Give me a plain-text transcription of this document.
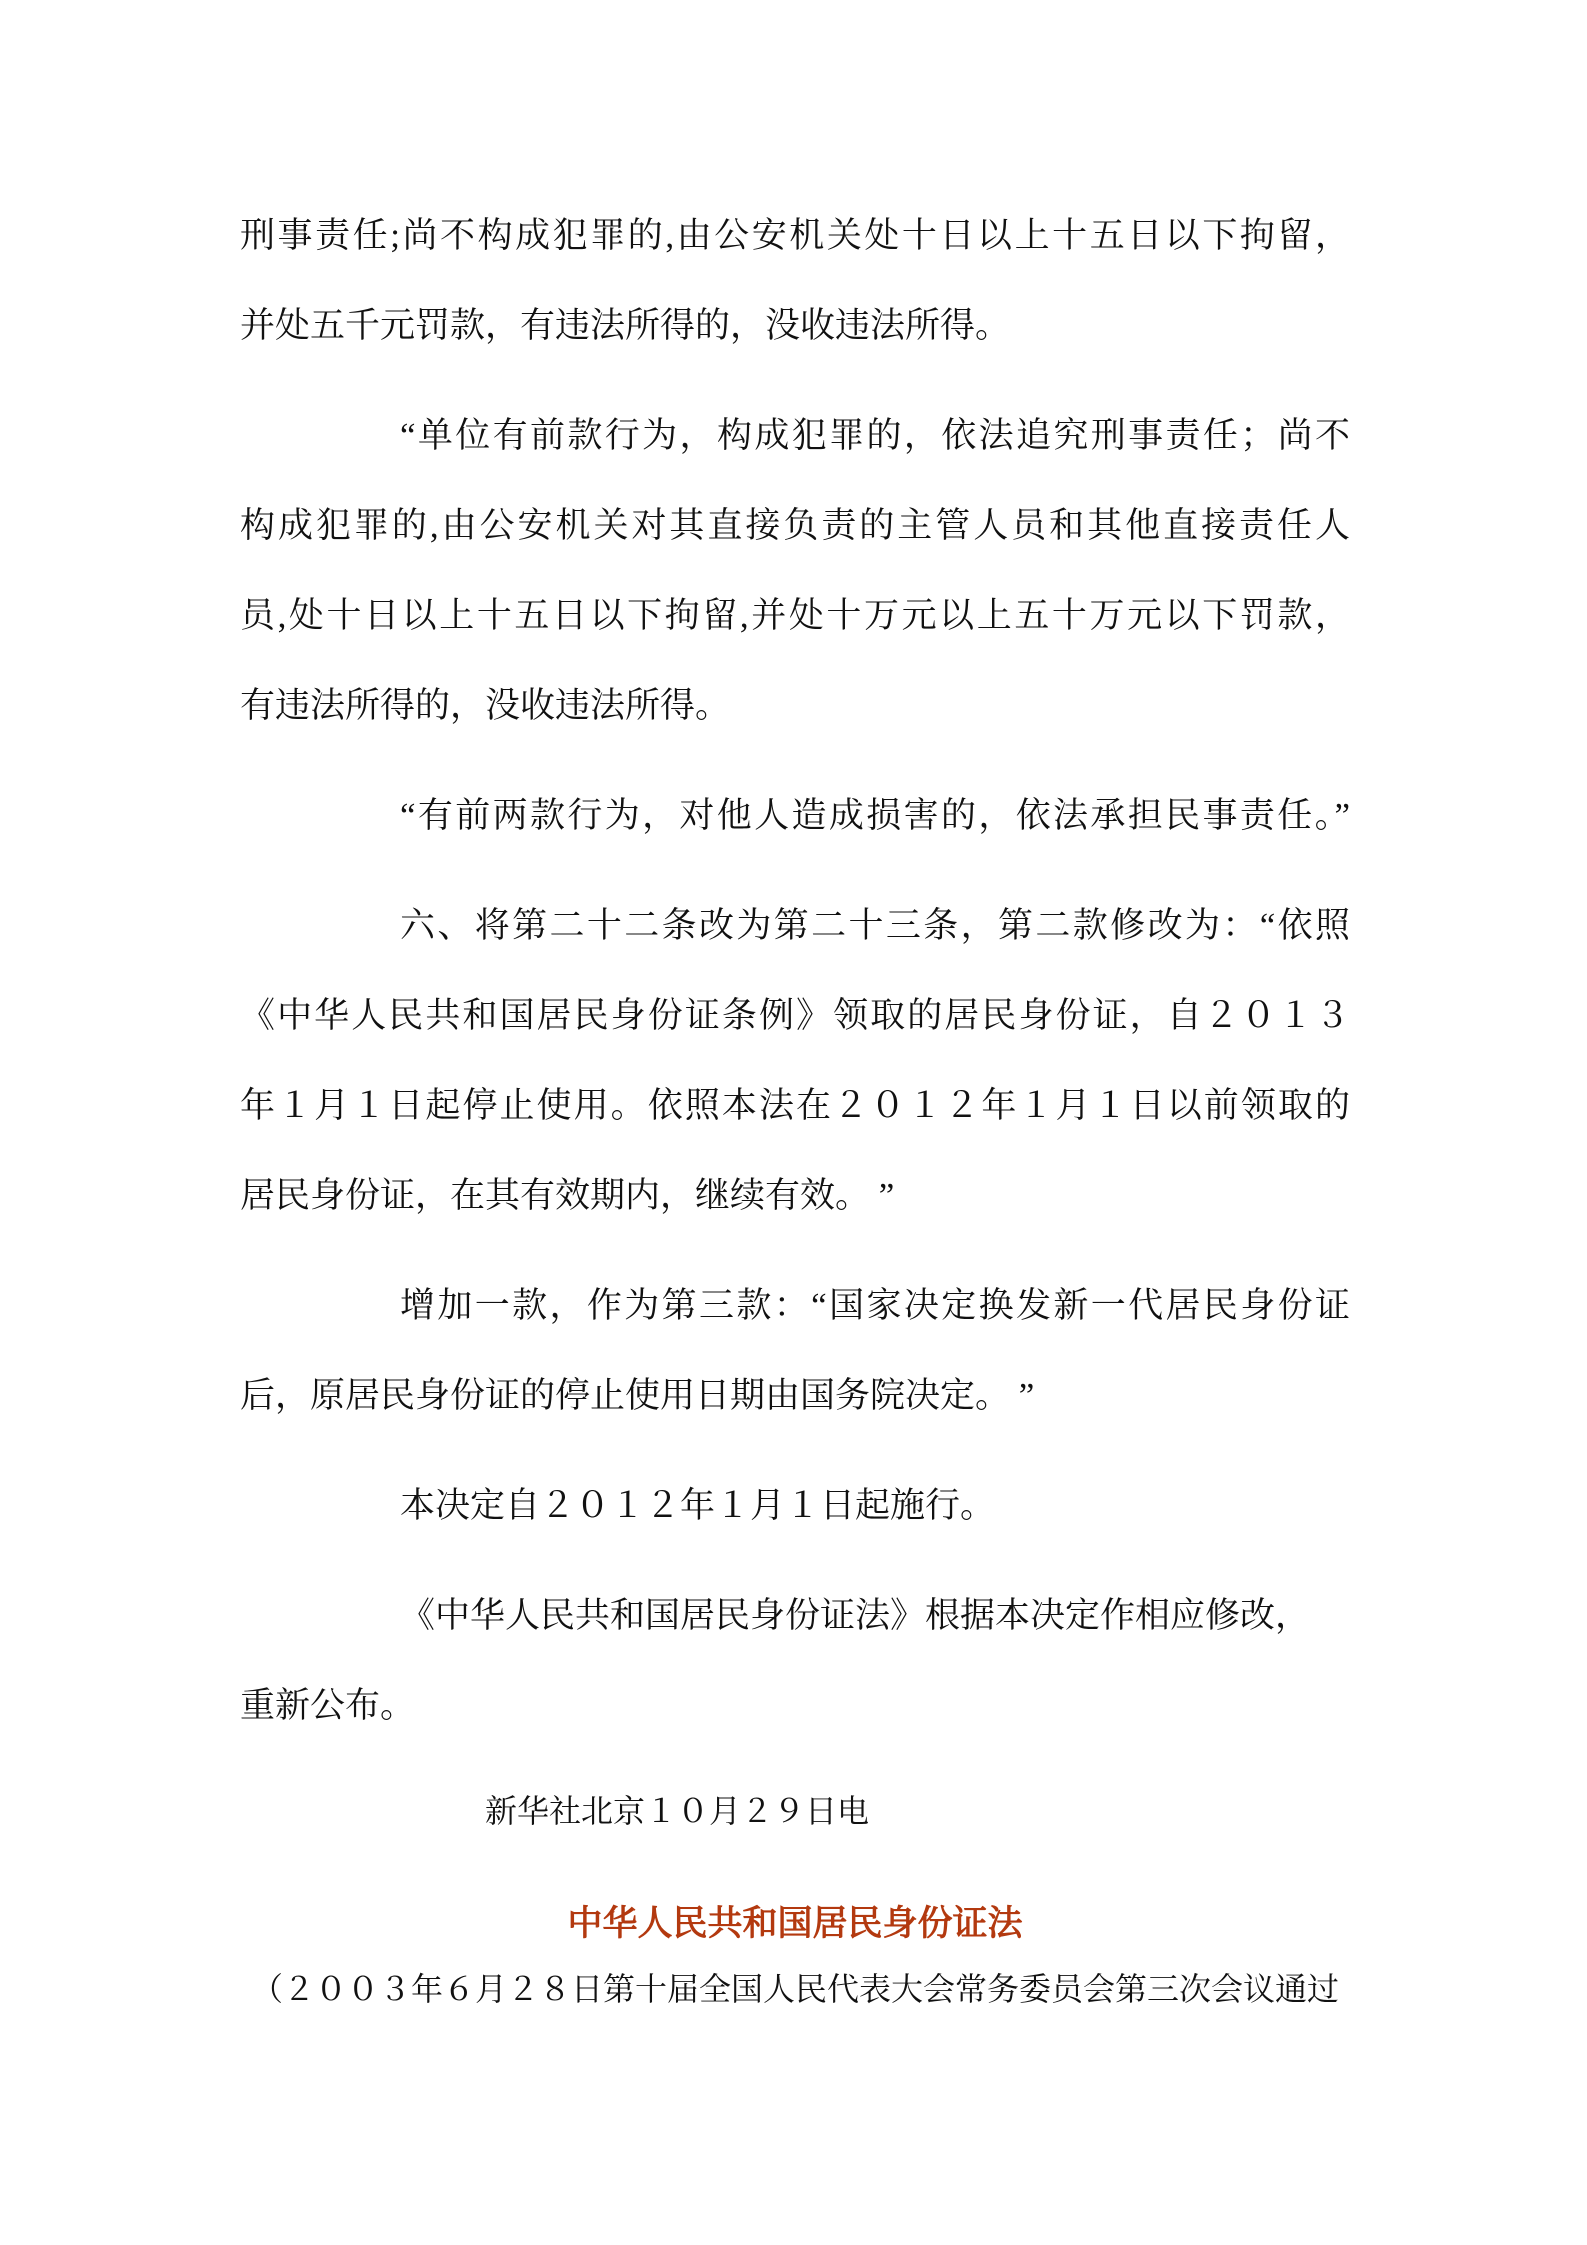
刑事责任;尚不构成犯罪的,由公安机关处十日以上十五日以下拘留，
并处五千元罚款，有违法所得的，没收违法所得。
“单位有前款行为，构成犯罪的，依法追究刑事责任；尚不
构成犯罪的,由公安机关对其直接负责的主管人员和其他直接责任人
员,处十日以上十五日以下拘留,并处十万元以上五十万元以下罚款，
有违法所得的，没收违法所得。
“有前两款行为，对他人造成损害的，依法承担民事责任。”
六、将第二十二条改为第二十三条，第二款修改为：“依照
《中华人民共和国居民身份证条例》领取的居民身份证，自２０１３
年１月１日起停止使用。依照本法在２０１２年１月１日以前领取的
居民身份证，在其有效期内，继续有效。 ”
增加一款，作为第三款：“国家决定换发新一代居民身份证
后，原居民身份证的停止使用日期由国务院决定。 ”
本决定自２０１２年１月１日起施行。
《中华人民共和国居民身份证法》根据本决定作相应修改，
重新公布。
新华社北京１０月２９日电
中华人民共和国居民身份证法
（２００３年６月２８日第十届全国人民代表大会常务委员会第三次会议通过
